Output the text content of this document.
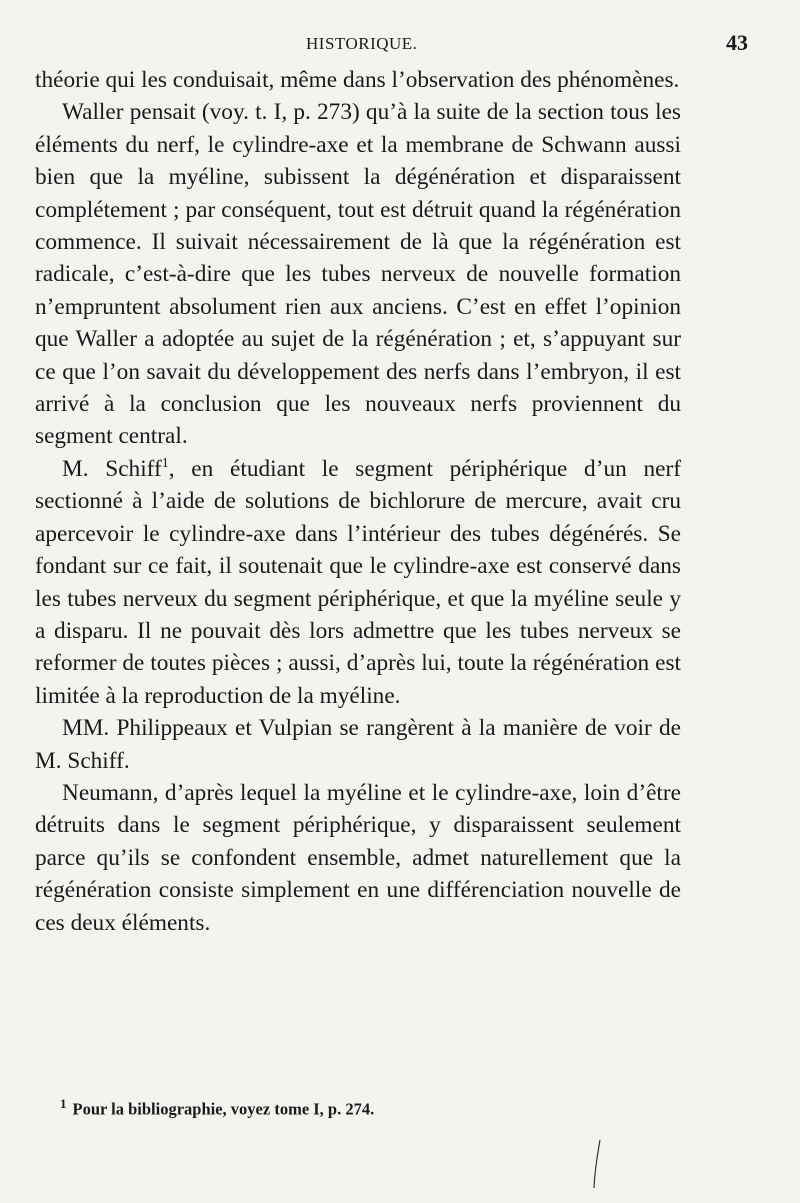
HISTORIQUE.	43

théorie qui les conduisait, même dans l’observation des phénomènes.

Waller pensait (voy. t. I, p. 273) qu’à la suite de la section tous les éléments du nerf, le cylindre-axe et la membrane de Schwann aussi bien que la myéline, subissent la dégénération et disparaissent complétement ; par conséquent, tout est détruit quand la régénération commence. Il suivait nécessairement de là que la régénération est radicale, c’est-à-dire que les tubes nerveux de nouvelle formation n’empruntent absolument rien aux anciens. C’est en effet l’opinion que Waller a adoptée au sujet de la régénération ; et, s’appuyant sur ce que l’on savait du développement des nerfs dans l’embryon, il est arrivé à la conclusion que les nouveaux nerfs proviennent du segment central.

M. Schiff$^1$, en étudiant le segment périphérique d’un nerf sectionné à l’aide de solutions de bichlorure de mercure, avait cru apercevoir le cylindre-axe dans l’intérieur des tubes dégénérés. Se fondant sur ce fait, il soutenait que le cylindre-axe est conservé dans les tubes nerveux du segment périphérique, et que la myéline seule y a disparu. Il ne pouvait dès lors admettre que les tubes nerveux se reformer de toutes pièces ; aussi, d’après lui, toute la régénération est limitée à la reproduction de la myéline.

MM. Philippeaux et Vulpian se rangèrent à la manière de voir de M. Schiff.

Neumann, d’après lequel la myéline et le cylindre-axe, loin d’être détruits dans le segment périphérique, y disparaissent seulement parce qu’ils se confondent ensemble, admet naturellement que la régénération consiste simplement en une différenciation nouvelle de ces deux éléments.

$^1$ Pour la bibliographie, voyez tome I, p. 274.
